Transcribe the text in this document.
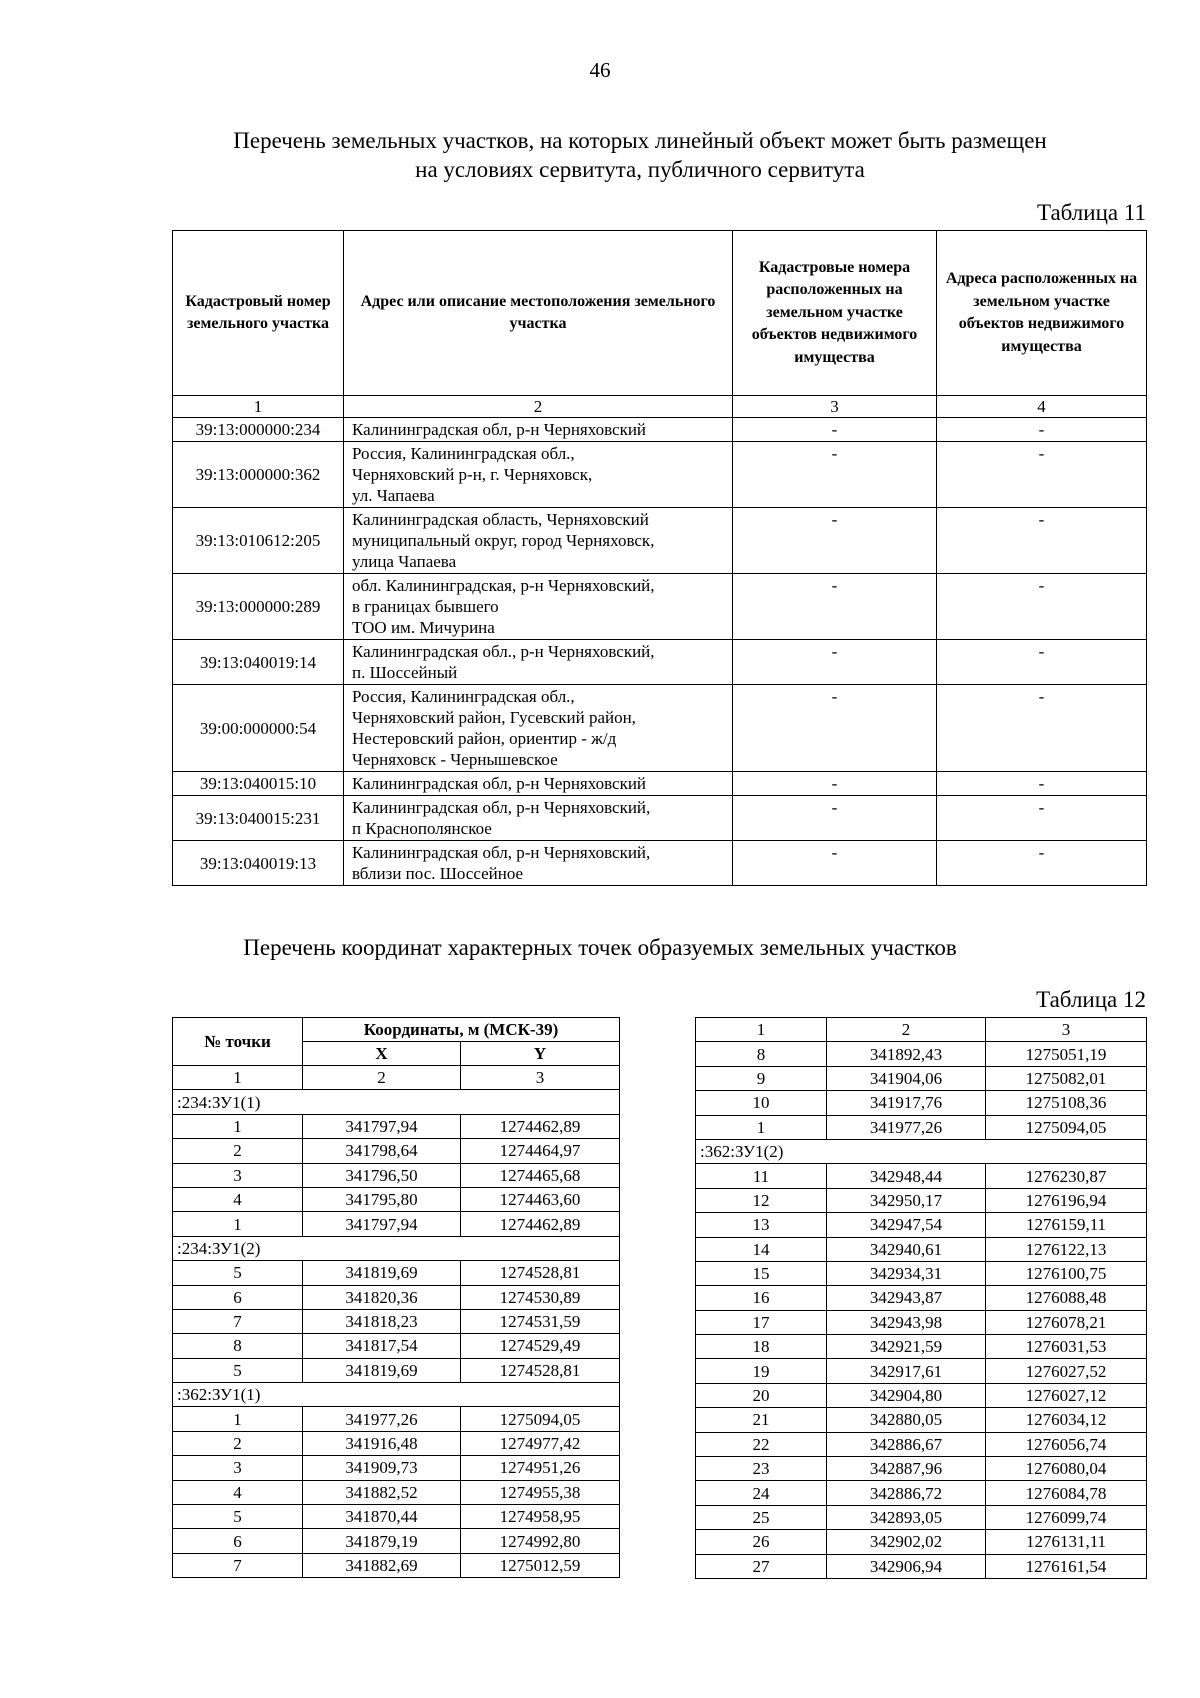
46
Перечень земельных участков, на которых линейный объект может быть размещен
на условиях сервитута, публичного сервитута
Таблица 11
Кадастровый номер земельного участка	Адрес или описание местоположения земельного участка	Кадастровые номера расположенных на земельном участке объектов недвижимого имущества	Адреса расположенных на земельном участке объектов недвижимого имущества
1	2	3	4
39:13:000000:234	Калининградская обл, р-н Черняховский	-	-
39:13:000000:362	Россия, Калининградская обл.,
Черняховский р-н, г. Черняховск,
ул. Чапаева	-	-
39:13:010612:205	Калининградская область, Черняховский
муниципальный округ, город Черняховск,
улица Чапаева	-	-
39:13:000000:289	обл. Калининградская, р-н Черняховский,
в границах бывшего
ТОО им. Мичурина	-	-
39:13:040019:14	Калининградская обл., р-н Черняховский,
п. Шоссейный	-	-
39:00:000000:54	Россия, Калининградская обл.,
Черняховский район, Гусевский район,
Нестеровский район, ориентир - ж/д
Черняховск - Чернышевское	-	-
39:13:040015:10	Калининградская обл, р-н Черняховский	-	-
39:13:040015:231	Калининградская обл, р-н Черняховский,
п Краснополянское	-	-
39:13:040019:13	Калининградская обл, р-н Черняховский,
вблизи пос. Шоссейное	-	-
Перечень координат характерных точек образуемых земельных участков
Таблица 12
№ точки	Координаты, м (МСК-39)	
	X	Y
1	2	3
:234:ЗУ1(1)		
1	341797,94	1274462,89
2	341798,64	1274464,97
3	341796,50	1274465,68
4	341795,80	1274463,60
1	341797,94	1274462,89
:234:ЗУ1(2)		
5	341819,69	1274528,81
6	341820,36	1274530,89
7	341818,23	1274531,59
8	341817,54	1274529,49
5	341819,69	1274528,81
:362:ЗУ1(1)		
1	341977,26	1275094,05
2	341916,48	1274977,42
3	341909,73	1274951,26
4	341882,52	1274955,38
5	341870,44	1274958,95
6	341879,19	1274992,80
7	341882,69	1275012,59
1	2	3
8	341892,43	1275051,19
9	341904,06	1275082,01
10	341917,76	1275108,36
1	341977,26	1275094,05
:362:ЗУ1(2)		
11	342948,44	1276230,87
12	342950,17	1276196,94
13	342947,54	1276159,11
14	342940,61	1276122,13
15	342934,31	1276100,75
16	342943,87	1276088,48
17	342943,98	1276078,21
18	342921,59	1276031,53
19	342917,61	1276027,52
20	342904,80	1276027,12
21	342880,05	1276034,12
22	342886,67	1276056,74
23	342887,96	1276080,04
24	342886,72	1276084,78
25	342893,05	1276099,74
26	342902,02	1276131,11
27	342906,94	1276161,54
